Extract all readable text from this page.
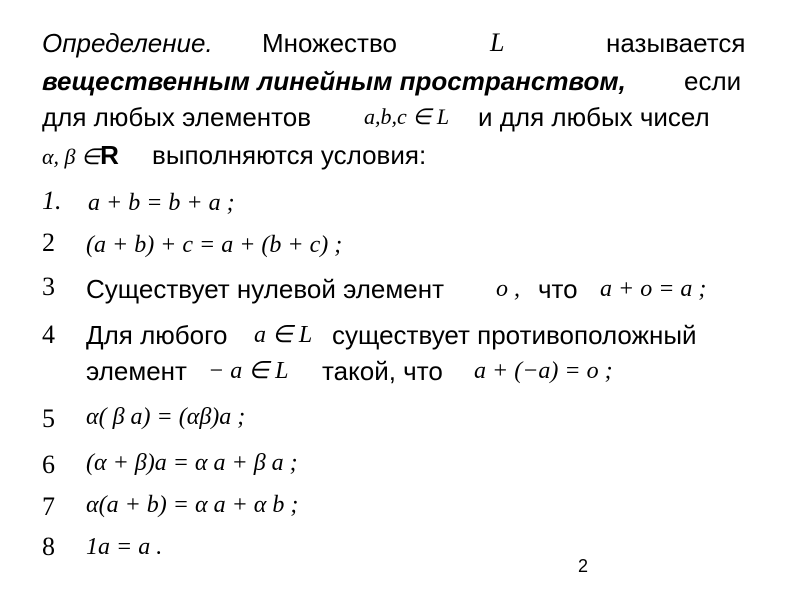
Определение. Множество	L	называется
вещественным линейным пространством, если
для любых элементов a,b,c ∈ L и для любых чисел
α, β ∈R выполняются условия:
1. a + b = b + a ;
2 (a + b) + c = a + (b + c) ;
3 Существует нулевой элемент o , что a + o = a ;
4 Для любого a ∈ L существует противоположный
элемент − a ∈ L такой, что a + (−a) = o ;
5 α( β a) = (αβ)a ;
6 (α + β)a = α a + β a ;
7 α(a + b) = α a + α b ;
8 1a = a .
2
